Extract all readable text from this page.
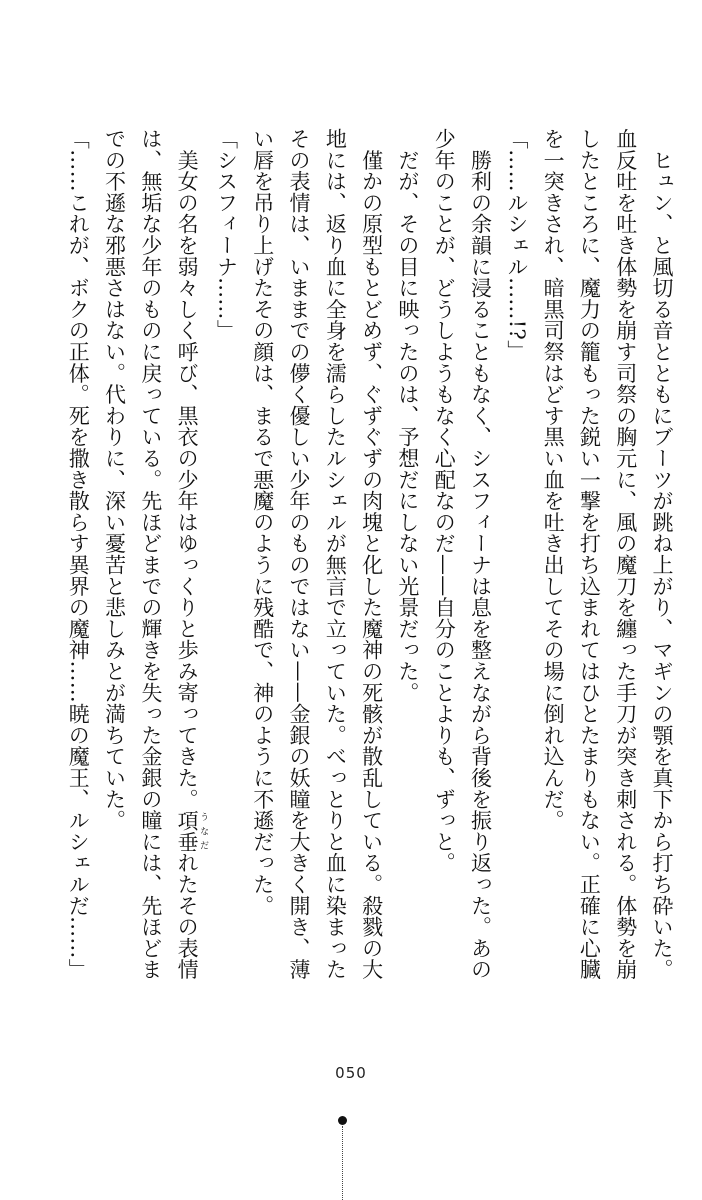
　ヒュン、と風切る音とともにブーツが跳ね上がり、マギンの顎を真下から打ち砕いた。
血反吐を吐き体勢を崩す司祭の胸元に、風の魔刀を纏った手刀が突き刺される。体勢を崩
したところに、魔力の籠もった鋭い一撃を打ち込まれてはひとたまりもない。正確に心臓
を一突きされ、暗黒司祭はどす黒い血を吐き出してその場に倒れ込んだ。
「……ルシェル……!?」
　勝利の余韻に浸ることもなく、シスフィーナは息を整えながら背後を振り返った。あの
少年のことが、どうしようもなく心配なのだ——自分のことよりも、ずっと。
　だが、その目に映ったのは、予想だにしない光景だった。
　僅かの原型もとどめず、ぐずぐずの肉塊と化した魔神の死骸が散乱している。殺戮の大
地には、返り血に全身を濡らしたルシェルが無言で立っていた。べっとりと血に染まった
その表情は、いままでの儚く優しい少年のものではない——金銀の妖瞳を大きく開き、薄
い唇を吊り上げたその顔は、まるで悪魔のように残酷で、神のように不遜だった。
「シスフィーナ……」
　美女の名を弱々しく呼び、黒衣の少年はゆっくりと歩み寄ってきた。項垂 うなだれたその表情
は、無垢な少年のものに戻っている。先ほどまでの輝きを失った金銀の瞳には、先ほどま
での不遜な邪悪さはない。代わりに、深い憂苦と悲しみとが満ちていた。
「……これが、ボクの正体。死を撒き散らす異界の魔神……暁の魔王、ルシェルだ……」
050
